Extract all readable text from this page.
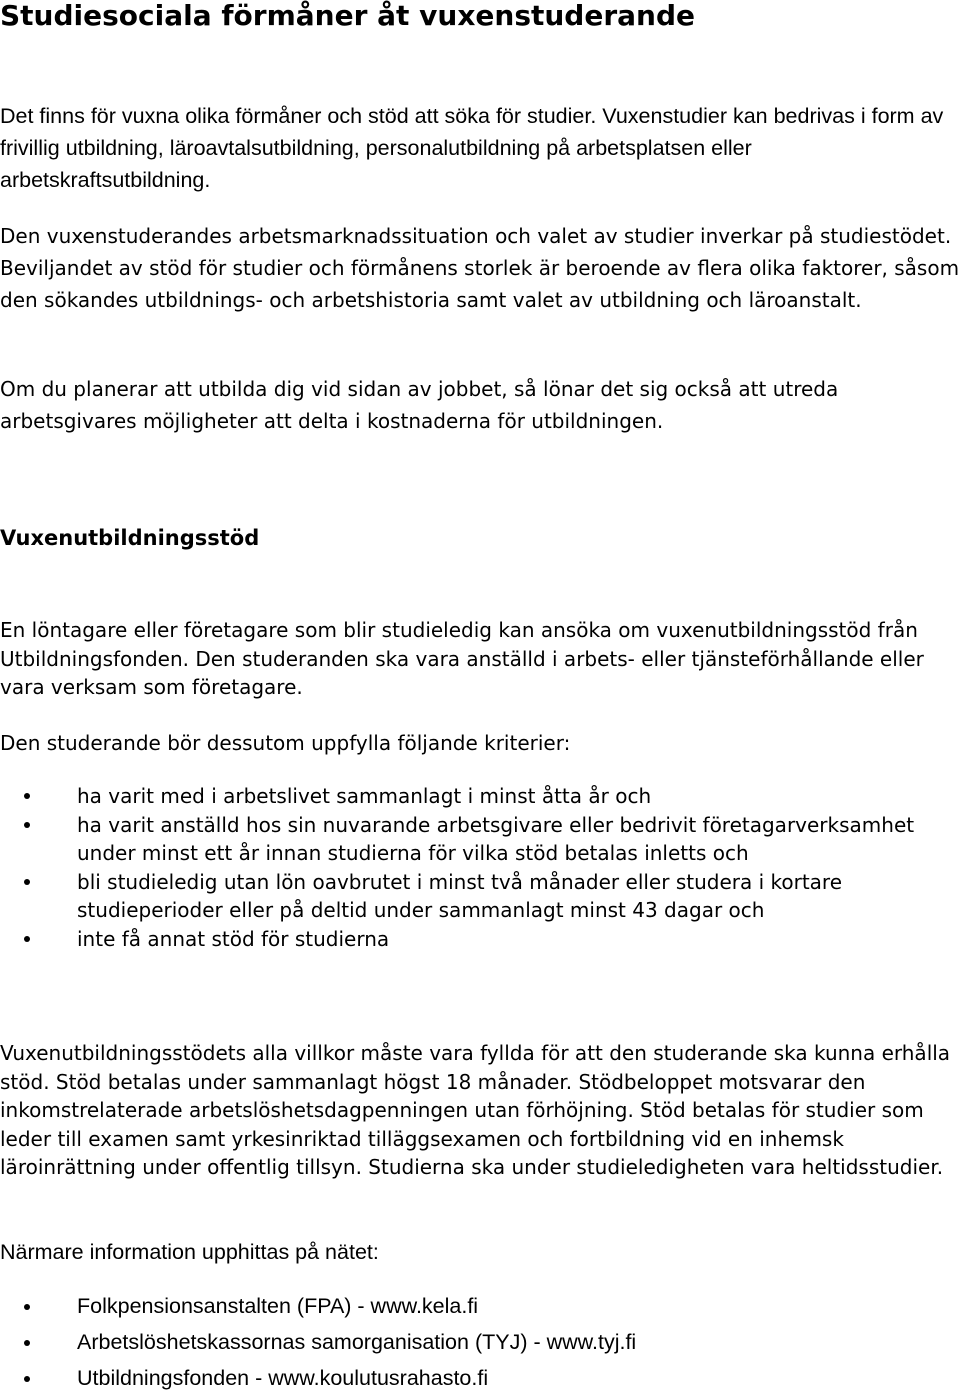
Studiesociala förmåner åt vuxenstuderande

Det finns för vuxna olika förmåner och stöd att söka för studier. Vuxenstudier kan bedrivas i form av frivillig utbildning, läroavtalsutbildning, personalutbildning på arbetsplatsen eller arbetskraftsutbildning.

Den vuxenstuderandes arbetsmarknadssituation och valet av studier inverkar på studiestödet. Beviljandet av stöd för studier och förmånens storlek är beroende av flera olika faktorer, såsom den sökandes utbildnings- och arbetshistoria samt valet av utbildning och läroanstalt.

Om du planerar att utbilda dig vid sidan av jobbet, så lönar det sig också att utreda arbetsgivares möjligheter att delta i kostnaderna för utbildningen.

Vuxenutbildningsstöd

En löntagare eller företagare som blir studieledig kan ansöka om vuxenutbildningsstöd från Utbildningsfonden. Den studeranden ska vara anställd i arbets- eller tjänsteförhållande eller vara verksam som företagare.

Den studerande bör dessutom uppfylla följande kriterier:

ha varit med i arbetslivet sammanlagt i minst åtta år och
ha varit anställd hos sin nuvarande arbetsgivare eller bedrivit företagarverksamhet under minst ett år innan studierna för vilka stöd betalas inletts och
bli studieledig utan lön oavbrutet i minst två månader eller studera i kortare studieperioder eller på deltid under sammanlagt minst 43 dagar och
inte få annat stöd för studierna

Vuxenutbildningsstödets alla villkor måste vara fyllda för att den studerande ska kunna erhålla stöd. Stöd betalas under sammanlagt högst 18 månader. Stödbeloppet motsvarar den inkomstrelaterade arbetslöshetsdagpenningen utan förhöjning. Stöd betalas för studier som leder till examen samt yrkesinriktad tilläggsexamen och fortbildning vid en inhemsk läroinrättning under offentlig tillsyn. Studierna ska under studieledigheten vara heltidsstudier.

Närmare information upphittas på nätet:

Folkpensionsanstalten (FPA) - www.kela.fi
Arbetslöshetskassornas samorganisation (TYJ) - www.tyj.fi
Utbildningsfonden - www.koulutusrahasto.fi
